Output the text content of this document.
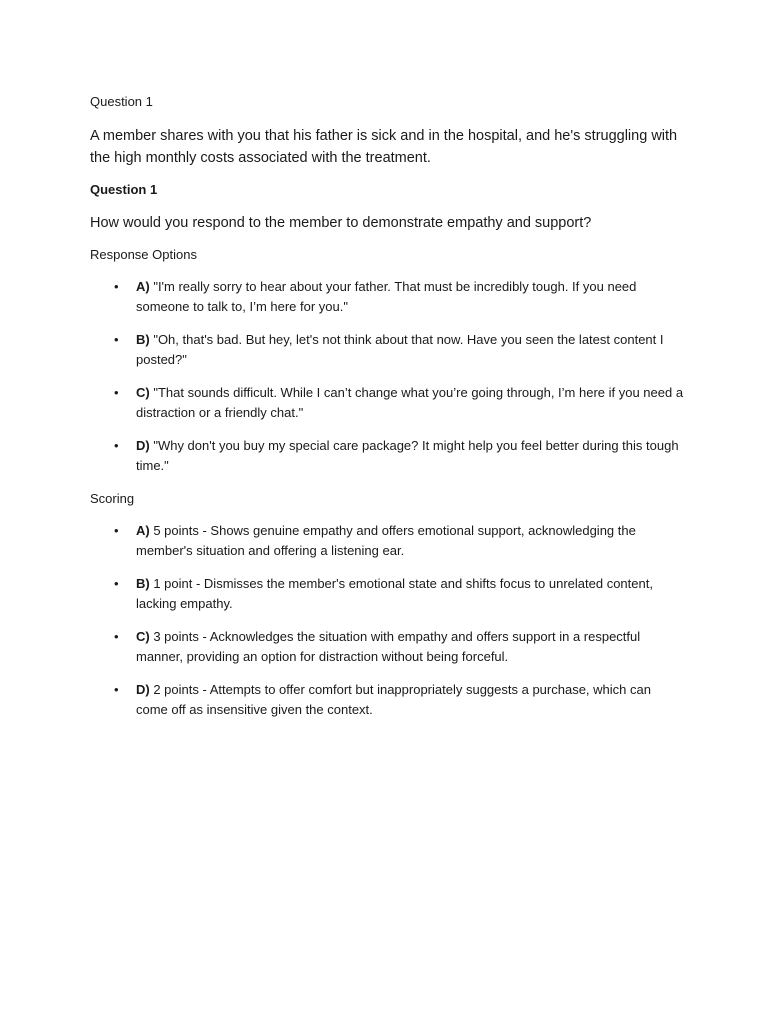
Question 1

A member shares with you that his father is sick and in the hospital, and he's struggling with the high monthly costs associated with the treatment.

Question 1

How would you respond to the member to demonstrate empathy and support?

Response Options

• A) "I'm really sorry to hear about your father. That must be incredibly tough. If you need someone to talk to, I’m here for you."
• B) "Oh, that's bad. But hey, let's not think about that now. Have you seen the latest content I posted?"
• C) "That sounds difficult. While I can’t change what you’re going through, I’m here if you need a distraction or a friendly chat."
• D) "Why don't you buy my special care package? It might help you feel better during this tough time."

Scoring

• A) 5 points - Shows genuine empathy and offers emotional support, acknowledging the member's situation and offering a listening ear.
• B) 1 point - Dismisses the member's emotional state and shifts focus to unrelated content, lacking empathy.
• C) 3 points - Acknowledges the situation with empathy and offers support in a respectful manner, providing an option for distraction without being forceful.
• D) 2 points - Attempts to offer comfort but inappropriately suggests a purchase, which can come off as insensitive given the context.
